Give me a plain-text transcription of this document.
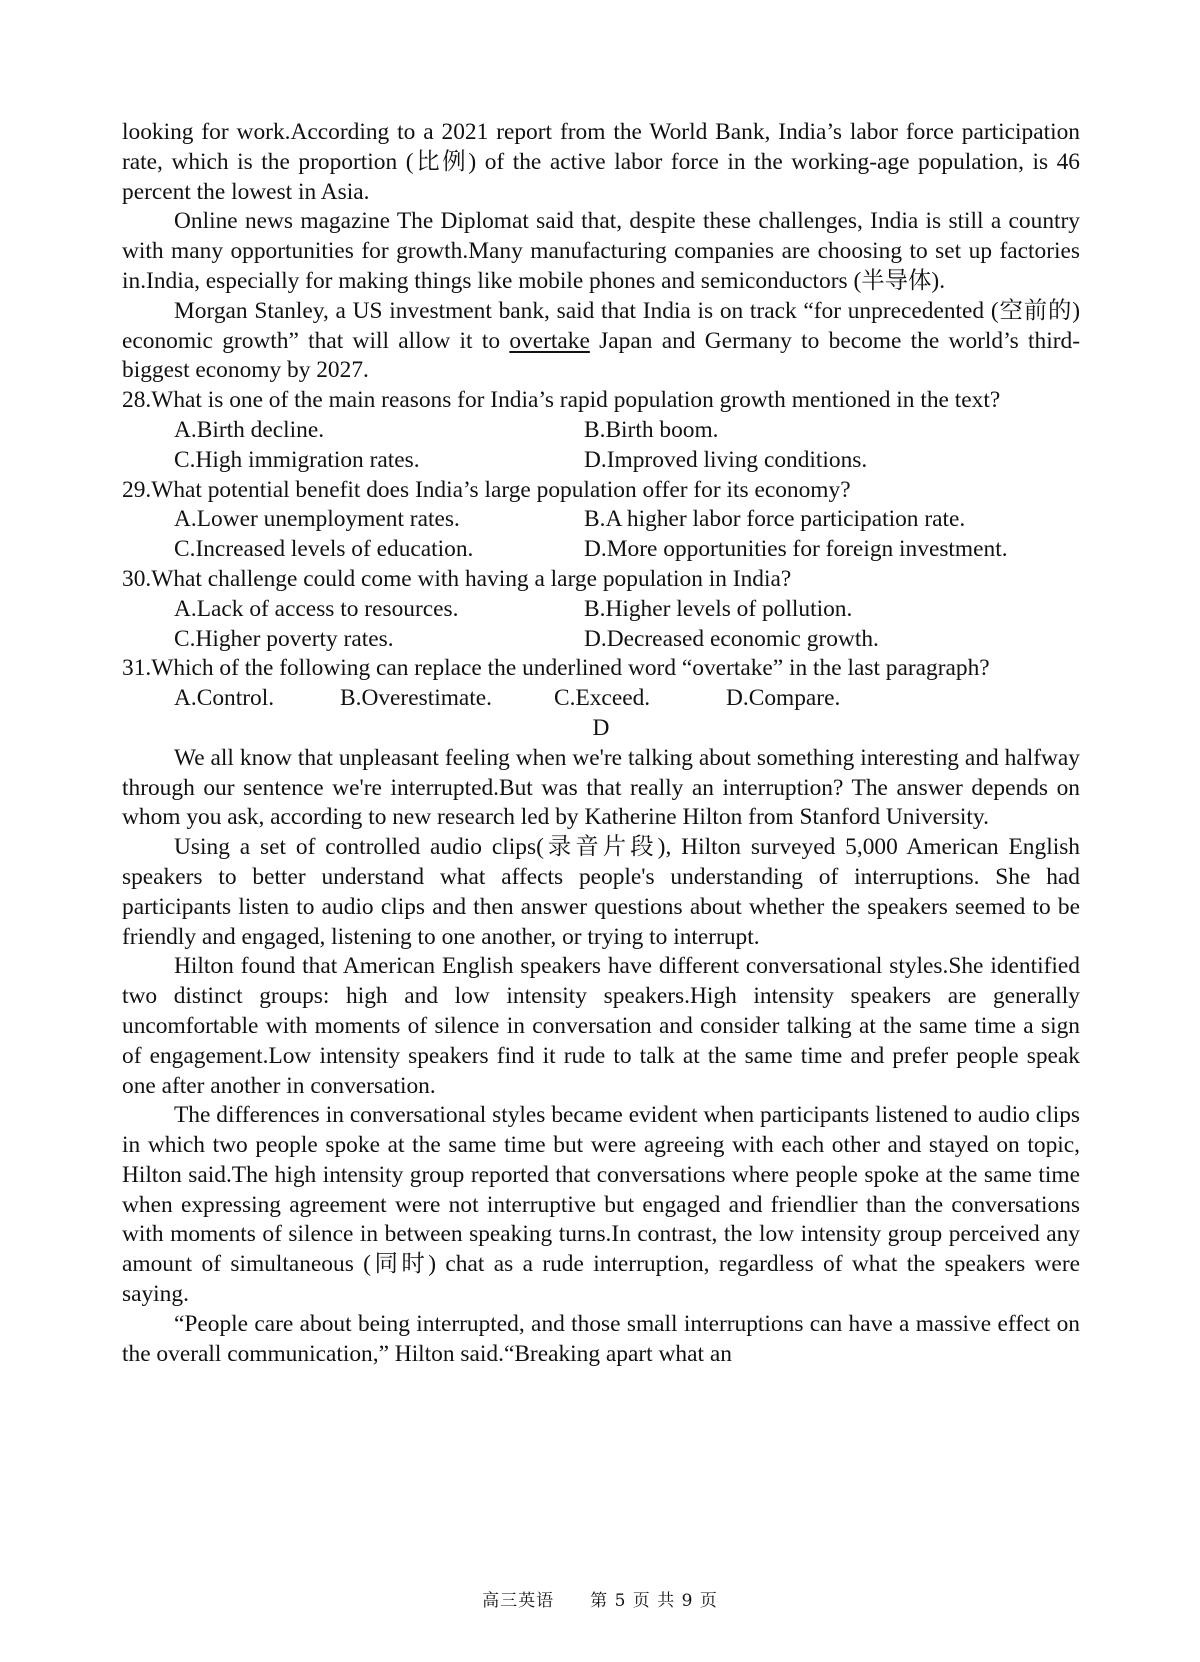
looking for work.According to a 2021 report from the World Bank, India’s labor force participation rate, which is the proportion (比例) of the active labor force in the working-age population, is 46 percent the lowest in Asia.

Online news magazine The Diplomat said that, despite these challenges, India is still a country with many opportunities for growth.Many manufacturing companies are choosing to set up factories in.India, especially for making things like mobile phones and semiconductors (半导体).

Morgan Stanley, a US investment bank, said that India is on track “for unprecedented (空前的) economic growth” that will allow it to overtake Japan and Germany to become the world’s third-biggest economy by 2027.

28.What is one of the main reasons for India’s rapid population growth mentioned in the text?
A.Birth decline.	B.Birth boom.
C.High immigration rates.	D.Improved living conditions.
29.What potential benefit does India’s large population offer for its economy?
A.Lower unemployment rates.	B.A higher labor force participation rate.
C.Increased levels of education.	D.More opportunities for foreign investment.
30.What challenge could come with having a large population in India?
A.Lack of access to resources.	B.Higher levels of pollution.
C.Higher poverty rates.	D.Decreased economic growth.
31.Which of the following can replace the underlined word “overtake” in the last paragraph?
A.Control.	B.Overestimate.	C.Exceed.	D.Compare.
D

We all know that unpleasant feeling when we're talking about something interesting and halfway through our sentence we're interrupted.But was that really an interruption? The answer depends on whom you ask, according to new research led by Katherine Hilton from Stanford University.

Using a set of controlled audio clips(录音片段), Hilton surveyed 5,000 American English speakers to better understand what affects people's understanding of interruptions. She had participants listen to audio clips and then answer questions about whether the speakers seemed to be friendly and engaged, listening to one another, or trying to interrupt.

Hilton found that American English speakers have different conversational styles.She identified two distinct groups: high and low intensity speakers.High intensity speakers are generally uncomfortable with moments of silence in conversation and consider talking at the same time a sign of engagement.Low intensity speakers find it rude to talk at the same time and prefer people speak one after another in conversation.

The differences in conversational styles became evident when participants listened to audio clips in which two people spoke at the same time but were agreeing with each other and stayed on topic, Hilton said.The high intensity group reported that conversations where people spoke at the same time when expressing agreement were not interruptive but engaged and friendlier than the conversations with moments of silence in between speaking turns.In contrast, the low intensity group perceived any amount of simultaneous (同时) chat as a rude interruption, regardless of what the speakers were saying.

“People care about being interrupted, and those small interruptions can have a massive effect on the overall communication,” Hilton said.“Breaking apart what an

高三英语　　第 5 页 共 9 页
